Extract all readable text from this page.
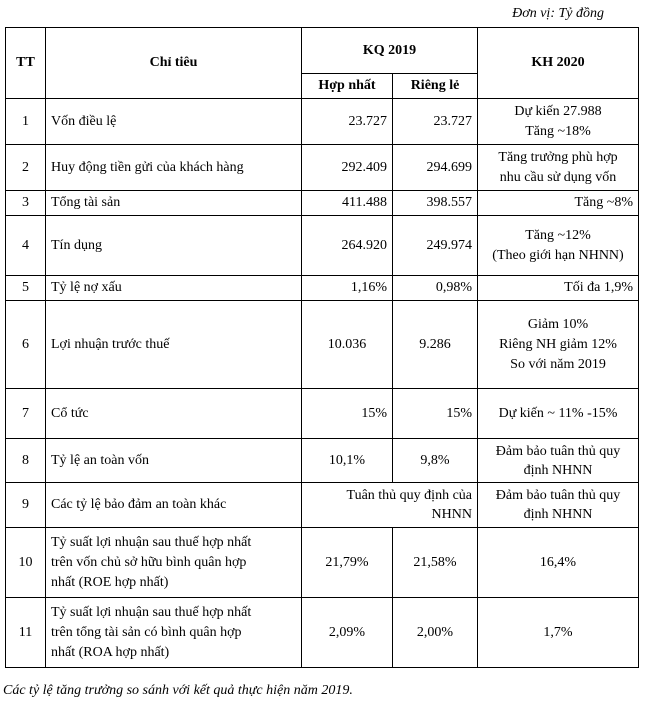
Đơn vị: Tỷ đồng
TT	Chỉ tiêu	KQ 2019		KH 2020
		Hợp nhất	Riêng lẻ	
1	Vốn điều lệ	23.727	23.727	Dự kiến 27.988
Tăng ~18%

2	Huy động tiền gửi của khách hàng	292.409	294.699	Tăng trưởng phù hợp
nhu cầu sử dụng vốn

3	Tổng tài sản	411.488	398.557	Tăng ~8%

4	Tín dụng	264.920	249.974	Tăng ~12%
(Theo giới hạn NHNN)

5	Tỷ lệ nợ xấu	1,16%	0,98%	Tối đa 1,9%

6	Lợi nhuận trước thuế	10.036	9.286	Giảm 10%
Riêng NH giảm 12%
So với năm 2019

7	Cổ tức	15%	15%	Dự kiến ~ 11% -15%

8	Tỷ lệ an toàn vốn	10,1%	9,8%	Đảm bảo tuân thủ quy
định NHNN

9	Các tỷ lệ bảo đảm an toàn khác	Tuân thủ quy định của
NHNN		Đảm bảo tuân thủ quy
định NHNN

10	Tỷ suất lợi nhuận sau thuế hợp nhất
trên vốn chủ sở hữu bình quân hợp
nhất (ROE hợp nhất)	21,79%	21,58%	16,4%

11	Tỷ suất lợi nhuận sau thuế hợp nhất
trên tổng tài sản có bình quân hợp
nhất (ROA hợp nhất)	2,09%	2,00%	1,7%
Các tỷ lệ tăng trưởng so sánh với kết quả thực hiện năm 2019.
